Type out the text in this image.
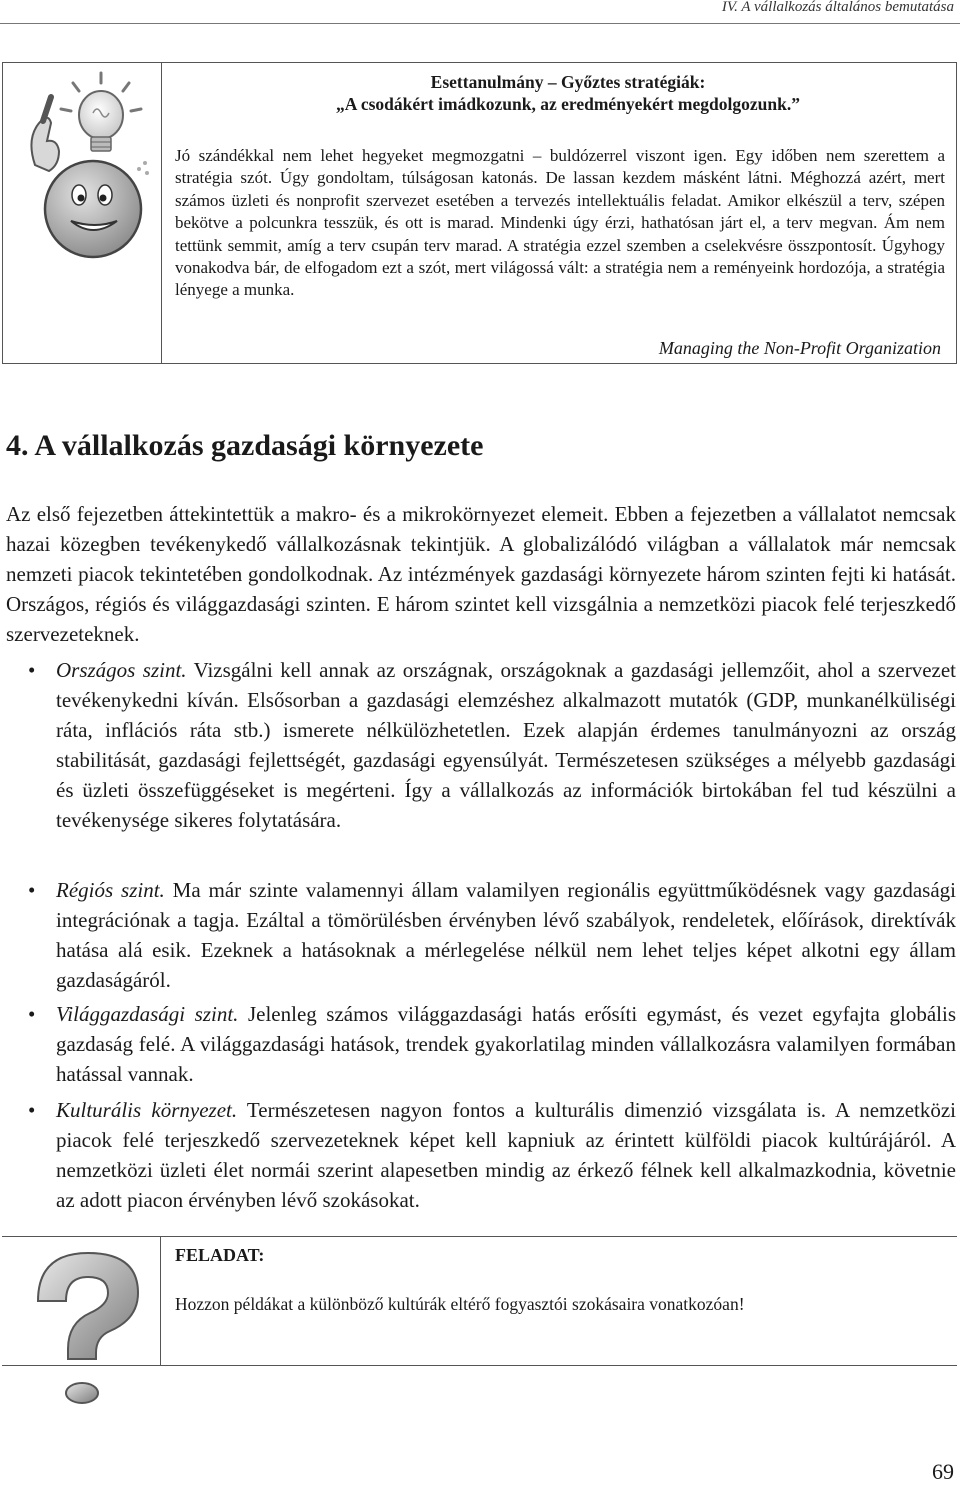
IV. A vállalkozás általános bemutatása
Esettanulmány – Győztes stratégiák:
„A csodákért imádkozunk, az eredményekért megdolgozunk.”

Jó szándékkal nem lehet hegyeket megmozgatni – buldózerrel viszont igen. Egy időben nem szerettem a stratégia szót. Úgy gondoltam, túlságosan katonás. De lassan kezdem másként látni. Méghozzá azért, mert számos üzleti és nonprofit szervezet esetében a tervezés intellektuális feladat. Amikor elkészül a terv, szépen bekötve a polcunkra tesszük, és ott is marad. Mindenki úgy érzi, hathatósan járt el, a terv megvan. Ám nem tettünk semmit, amíg a terv csupán terv marad. A stratégia ezzel szemben a cselekvésre összpontosít. Úgyhogy vonakodva bár, de elfogadom ezt a szót, mert világossá vált: a stratégia nem a reményeink hordozója, a stratégia lényege a munka.

Managing the Non-Profit Organization
4. A vállalkozás gazdasági környezete

Az első fejezetben áttekintettük a makro- és a mikrokörnyezet elemeit. Ebben a fejezetben a vállalatot nemcsak hazai közegben tevékenykedő vállalkozásnak tekintjük. A globalizálódó világban a vállalatok már nemcsak nemzeti piacok tekintetében gondolkodnak. Az intézmények gazdasági környezete három szinten fejti ki hatását. Országos, régiós és világgazdasági szinten. E három szintet kell vizsgálnia a nemzetközi piacok felé terjeszkedő szervezeteknek.

• Országos szint. Vizsgálni kell annak az országnak, országoknak a gazdasági jellemzőit, ahol a szervezet tevékenykedni kíván. Elsősorban a gazdasági elemzéshez alkalmazott mutatók (GDP, munkanélküliségi ráta, inflációs ráta stb.) ismerete nélkülözhetetlen. Ezek alapján érdemes tanulmányozni az ország stabilitását, gazdasági fejlettségét, gazdasági egyensúlyát. Természetesen szükséges a mélyebb gazdasági és üzleti összefüggéseket is megérteni. Így a vállalkozás az információk birtokában fel tud készülni a tevékenysége sikeres folytatására.

• Régiós szint. Ma már szinte valamennyi állam valamilyen regionális együttműködésnek vagy gazdasági integrációnak a tagja. Ezáltal a tömörülésben érvényben lévő szabályok, rendeletek, előírások, direktívák hatása alá esik. Ezeknek a hatásoknak a mérlegelése nélkül nem lehet teljes képet alkotni egy állam gazdaságáról.

• Világgazdasági szint. Jelenleg számos világgazdasági hatás erősíti egymást, és vezet egyfajta globális gazdaság felé. A világgazdasági hatások, trendek gyakorlatilag minden vállalkozásra valamilyen formában hatással vannak.

• Kulturális környezet. Természetesen nagyon fontos a kulturális dimenzió vizsgálata is. A nemzetközi piacok felé terjeszkedő szervezeteknek képet kell kapniuk az érintett külföldi piacok kultúrájáról. A nemzetközi üzleti élet normái szerint alapesetben mindig az érkező félnek kell alkalmazkodnia, követnie az adott piacon érvényben lévő szokásokat.

FELADAT:
Hozzon példákat a különböző kultúrák eltérő fogyasztói szokásaira vonatkozóan!
69
